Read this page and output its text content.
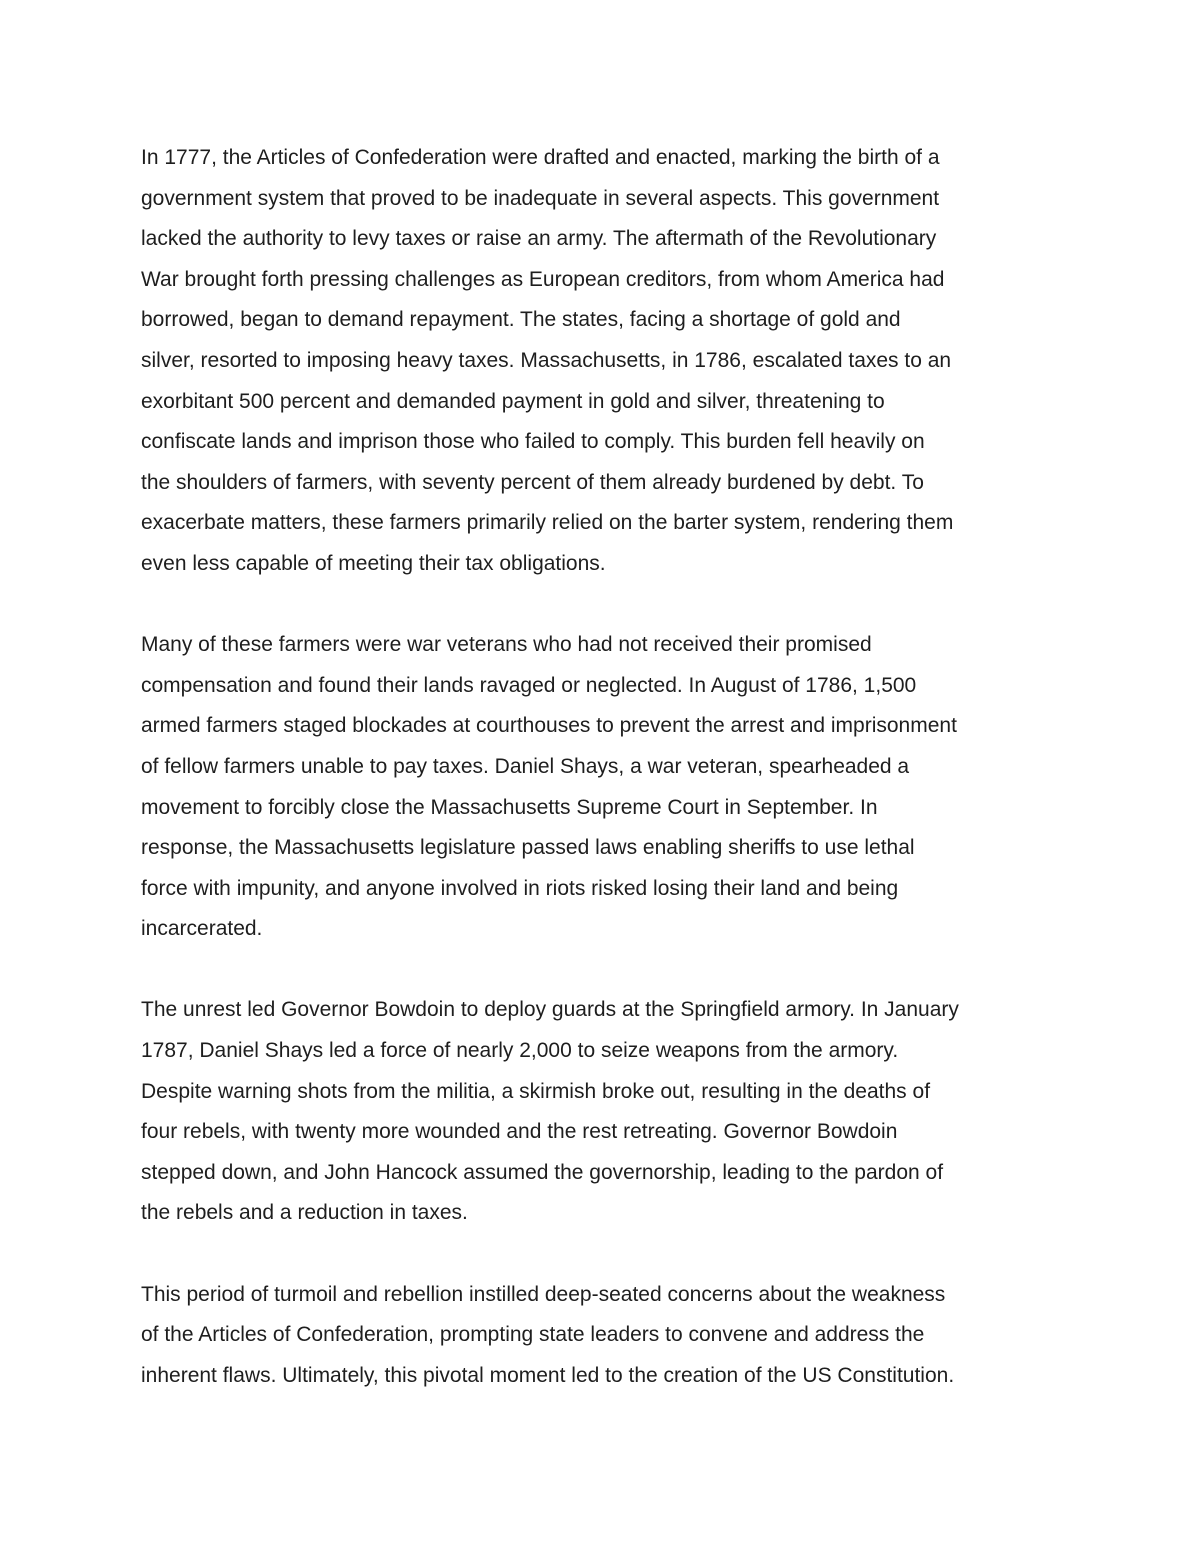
In 1777, the Articles of Confederation were drafted and enacted, marking the birth of a
government system that proved to be inadequate in several aspects. This government
lacked the authority to levy taxes or raise an army. The aftermath of the Revolutionary
War brought forth pressing challenges as European creditors, from whom America had
borrowed, began to demand repayment. The states, facing a shortage of gold and
silver, resorted to imposing heavy taxes. Massachusetts, in 1786, escalated taxes to an
exorbitant 500 percent and demanded payment in gold and silver, threatening to
confiscate lands and imprison those who failed to comply. This burden fell heavily on
the shoulders of farmers, with seventy percent of them already burdened by debt. To
exacerbate matters, these farmers primarily relied on the barter system, rendering them
even less capable of meeting their tax obligations.

Many of these farmers were war veterans who had not received their promised
compensation and found their lands ravaged or neglected. In August of 1786, 1,500
armed farmers staged blockades at courthouses to prevent the arrest and imprisonment
of fellow farmers unable to pay taxes. Daniel Shays, a war veteran, spearheaded a
movement to forcibly close the Massachusetts Supreme Court in September. In
response, the Massachusetts legislature passed laws enabling sheriffs to use lethal
force with impunity, and anyone involved in riots risked losing their land and being
incarcerated.

The unrest led Governor Bowdoin to deploy guards at the Springfield armory. In January
1787, Daniel Shays led a force of nearly 2,000 to seize weapons from the armory.
Despite warning shots from the militia, a skirmish broke out, resulting in the deaths of
four rebels, with twenty more wounded and the rest retreating. Governor Bowdoin
stepped down, and John Hancock assumed the governorship, leading to the pardon of
the rebels and a reduction in taxes.

This period of turmoil and rebellion instilled deep-seated concerns about the weakness
of the Articles of Confederation, prompting state leaders to convene and address the
inherent flaws. Ultimately, this pivotal moment led to the creation of the US Constitution.
